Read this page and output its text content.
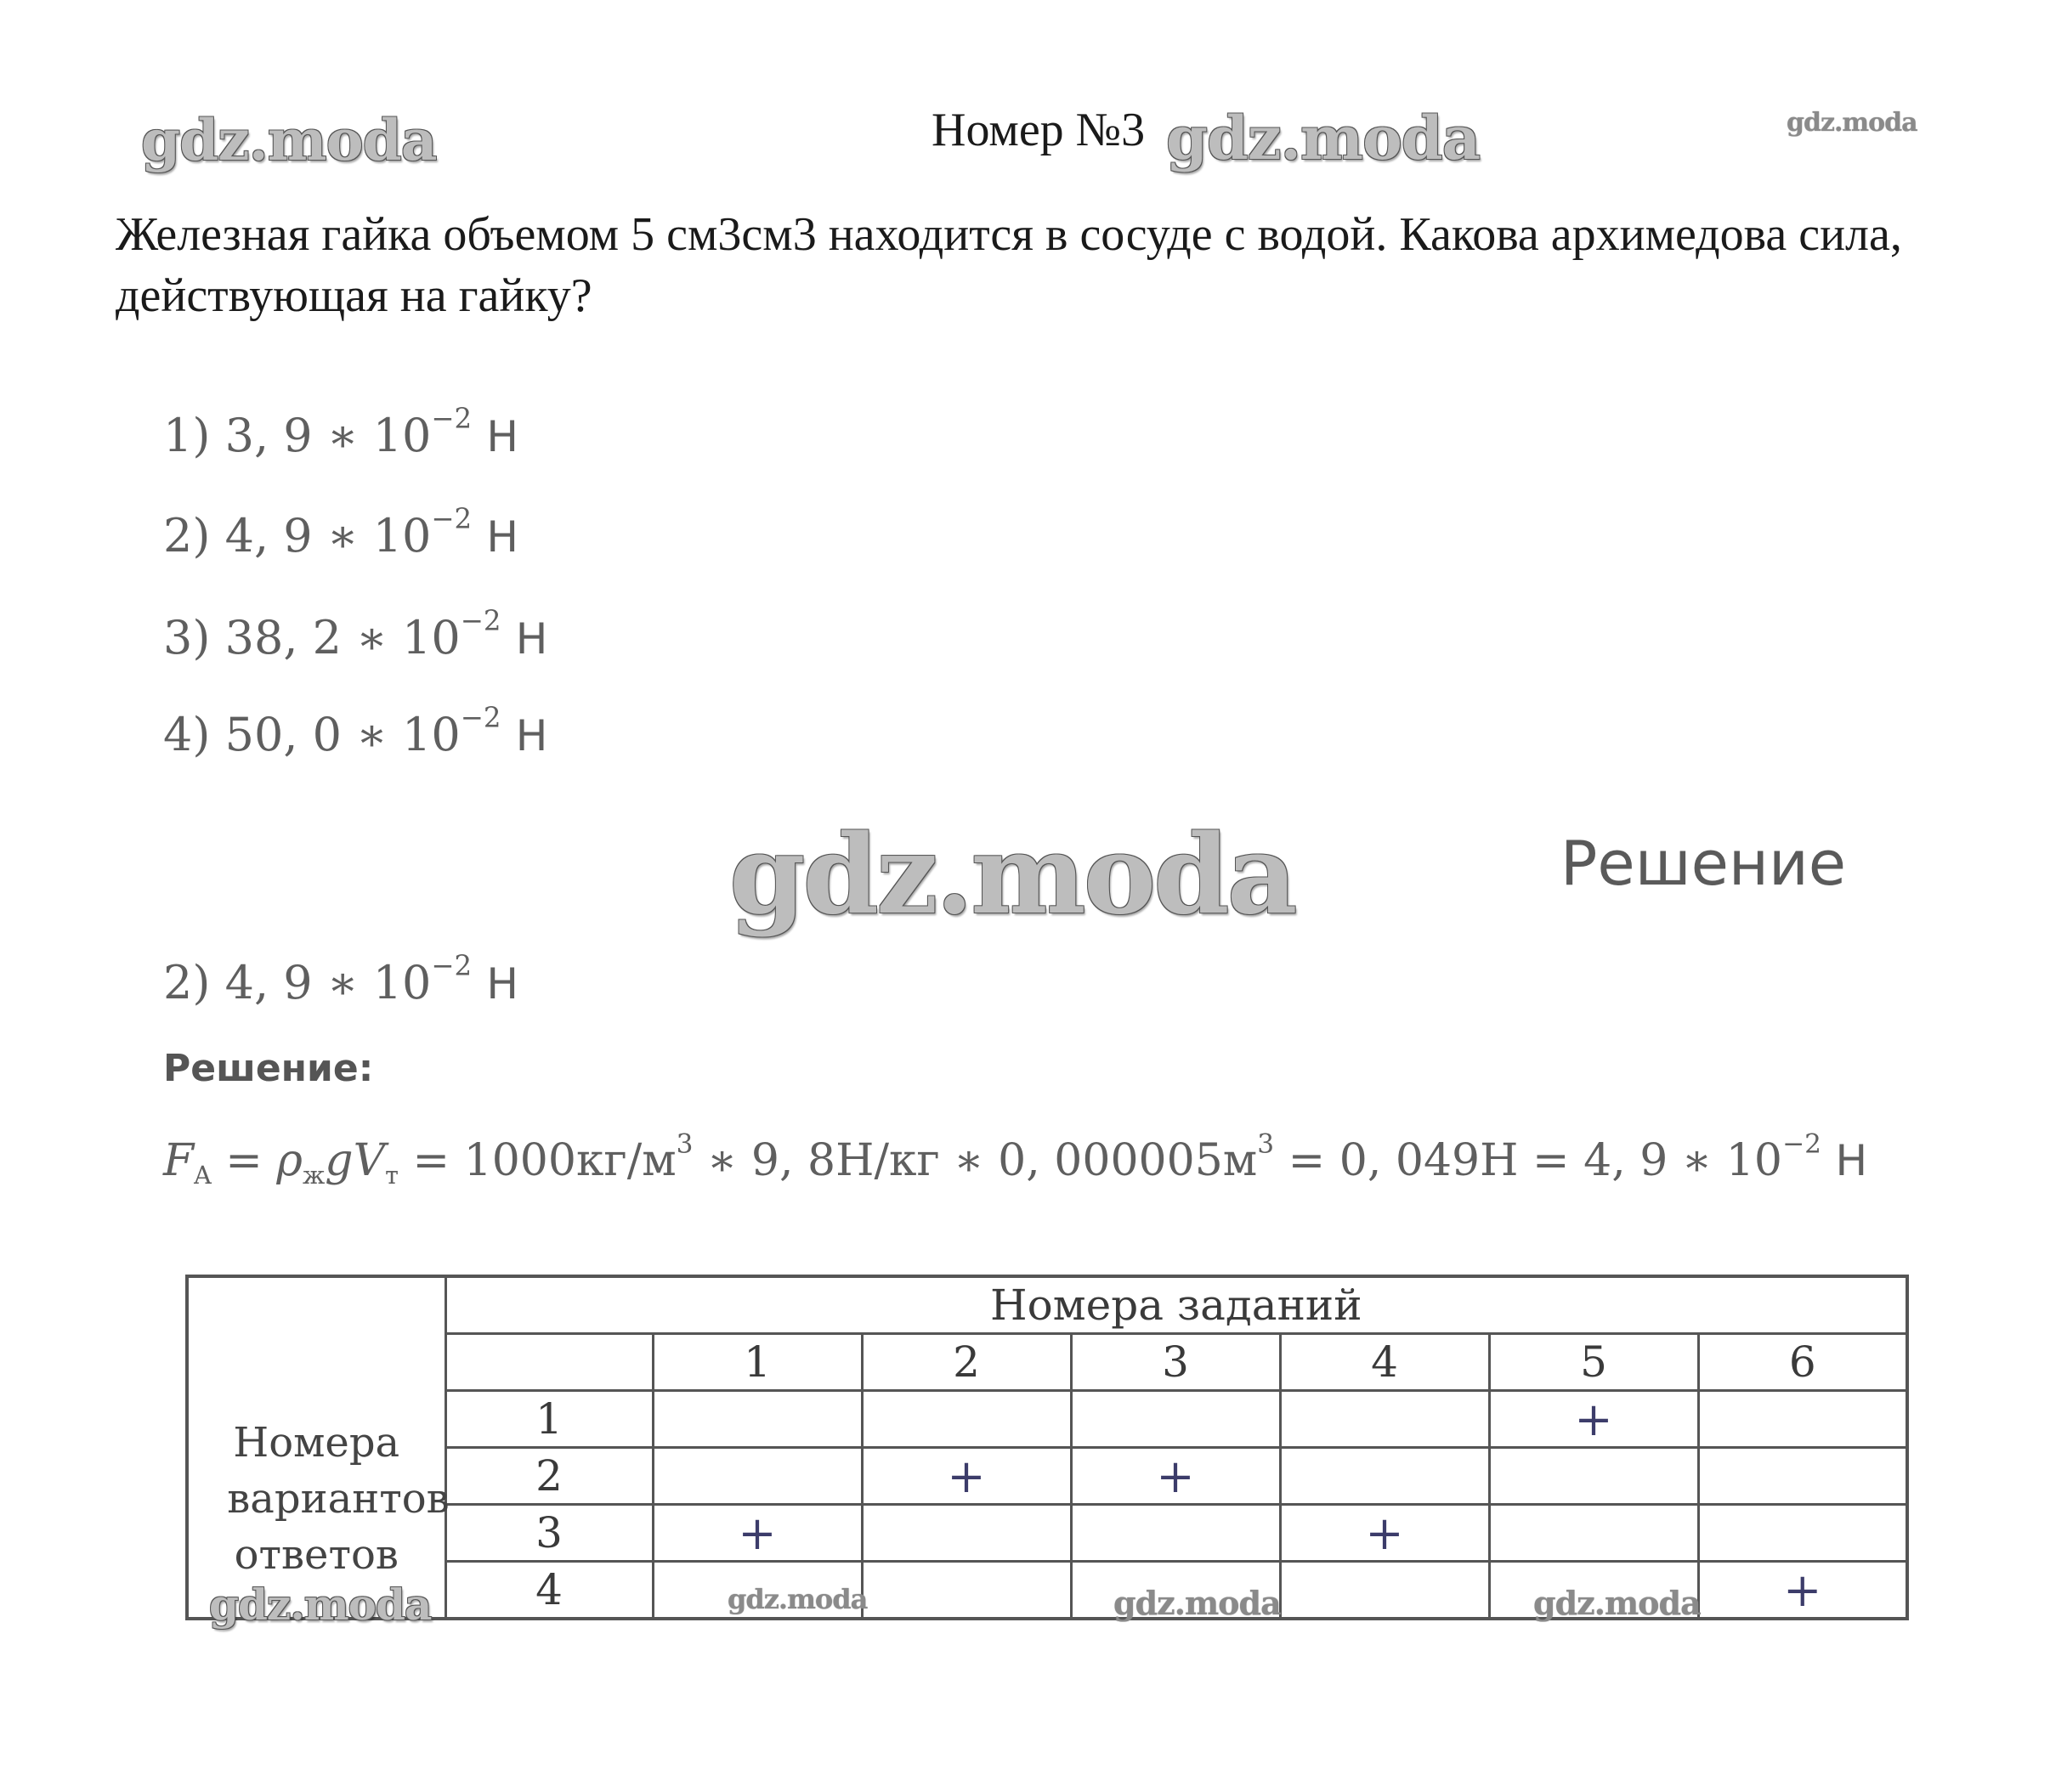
gdz.moda	gdz.moda	gdz.moda
gdz.moda
Номер №3
Железная гайка объемом 5 см3см3 находится в сосуде с водой. Какова архимедова сила, действующая на гайку?
1) 3, 9 ∗ $10^{-2}$ Н
2) 4, 9 ∗ $10^{-2}$ Н
3) 38, 2 ∗ $10^{-2}$ Н
4) 50, 0 ∗ $10^{-2}$ Н
Решение
2) 4, 9 ∗ $10^{-2}$ Н
Решение:
$F_A = \rho_жgV_т = 1000кг/м^3$ ∗ 9, 8Н/кг ∗ 0, $000005м^3 = 0$, 049Н = 4, 9 ∗ $10^{-2}$ Н
Номера вариантов ответов	Номера заданий						
		1	2	3	4	5	6
	1					+	
	2		+	+			
	3	+			+		
	4						+
gdz.moda	gdz.moda	gdz.moda	gdz.moda
